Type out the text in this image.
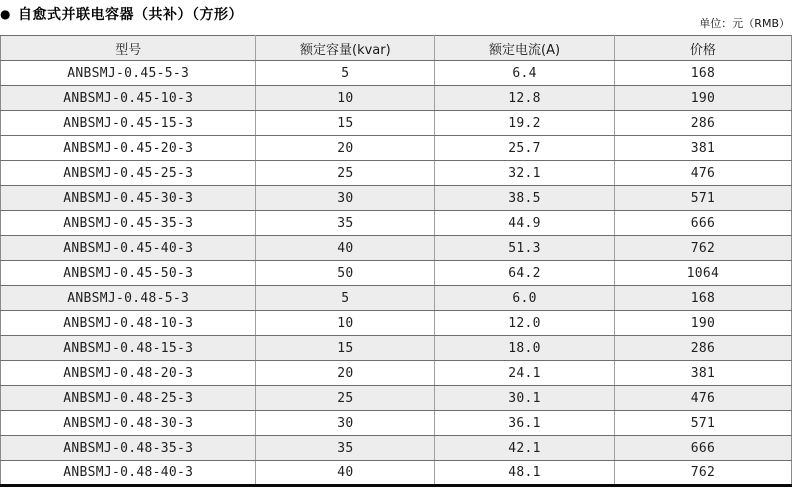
● 自愈式并联电容器（共补）（方形）
单位：元（RMB）
型号	额定容量(kvar)	额定电流(A)	价格
ANBSMJ-0.45-5-3	5	6.4	168
ANBSMJ-0.45-10-3	10	12.8	190
ANBSMJ-0.45-15-3	15	19.2	286
ANBSMJ-0.45-20-3	20	25.7	381
ANBSMJ-0.45-25-3	25	32.1	476
ANBSMJ-0.45-30-3	30	38.5	571
ANBSMJ-0.45-35-3	35	44.9	666
ANBSMJ-0.45-40-3	40	51.3	762
ANBSMJ-0.45-50-3	50	64.2	1064
ANBSMJ-0.48-5-3	5	6.0	168
ANBSMJ-0.48-10-3	10	12.0	190
ANBSMJ-0.48-15-3	15	18.0	286
ANBSMJ-0.48-20-3	20	24.1	381
ANBSMJ-0.48-25-3	25	30.1	476
ANBSMJ-0.48-30-3	30	36.1	571
ANBSMJ-0.48-35-3	35	42.1	666
ANBSMJ-0.48-40-3	40	48.1	762
